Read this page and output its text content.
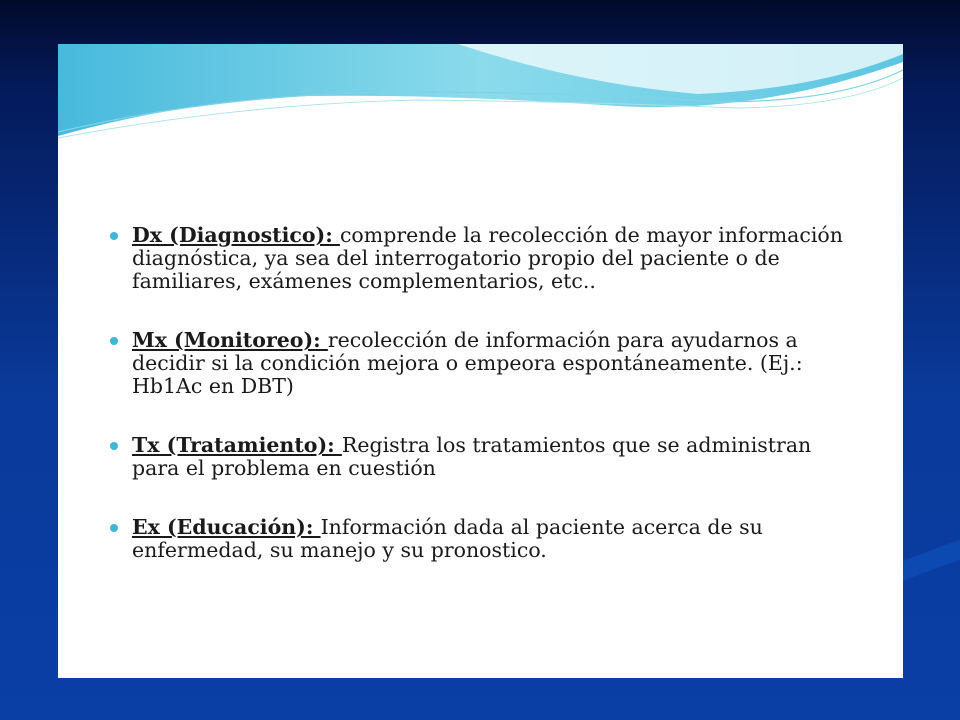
Dx (Diagnostico): comprende la recolección de mayor información diagnóstica, ya sea del interrogatorio propio del paciente o de familiares, exámenes complementarios, etc..
Mx (Monitoreo): recolección de información para ayudarnos a decidir si la condición mejora o empeora espontáneamente. (Ej.: Hb1Ac en DBT)
Tx (Tratamiento): Registra los tratamientos que se administran para el problema en cuestión
Ex (Educación): Información dada al paciente acerca de su enfermedad, su manejo y su pronostico.
